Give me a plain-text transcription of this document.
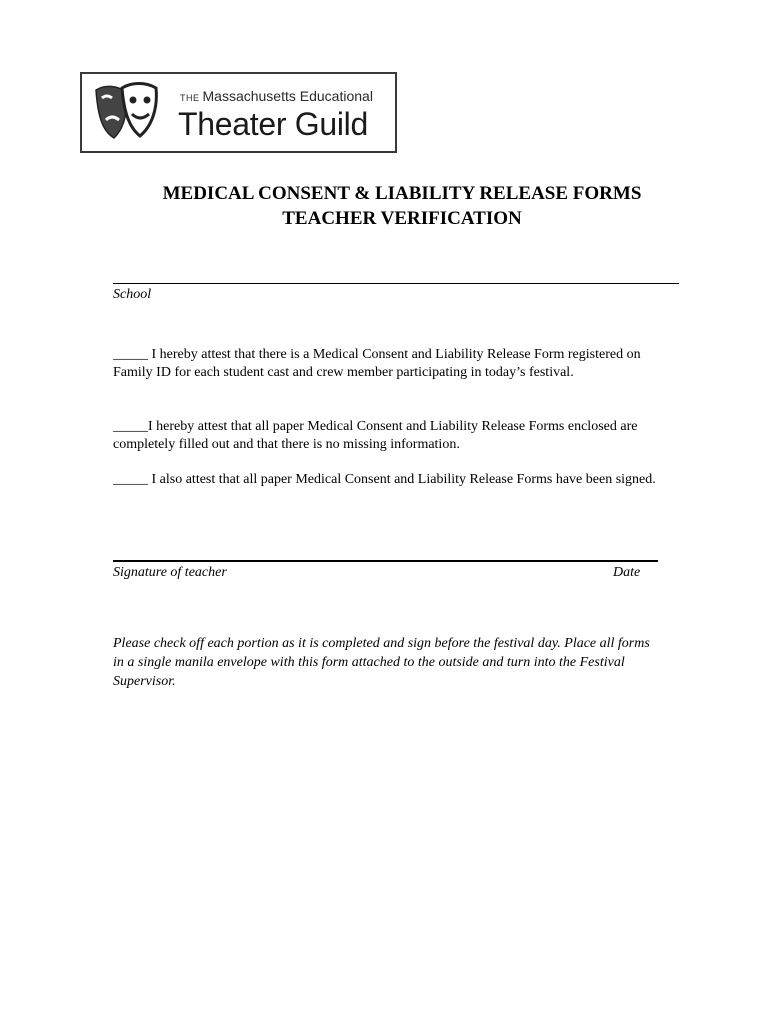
THE Massachusetts Educational
Theater Guild
MEDICAL CONSENT & LIABILITY RELEASE FORMS
TEACHER VERIFICATION
School
_____ I hereby attest that there is a Medical Consent and Liability Release Form registered on Family ID for each student cast and crew member participating in today’s festival.
_____I hereby attest that all paper Medical Consent and Liability Release Forms enclosed are completely filled out and that there is no missing information.
_____ I also attest that all paper Medical Consent and Liability Release Forms have been signed.
Signature of teacher	Date
Please check off each portion as it is completed and sign before the festival day. Place all forms in a single manila envelope with this form attached to the outside and turn into the Festival Supervisor.
